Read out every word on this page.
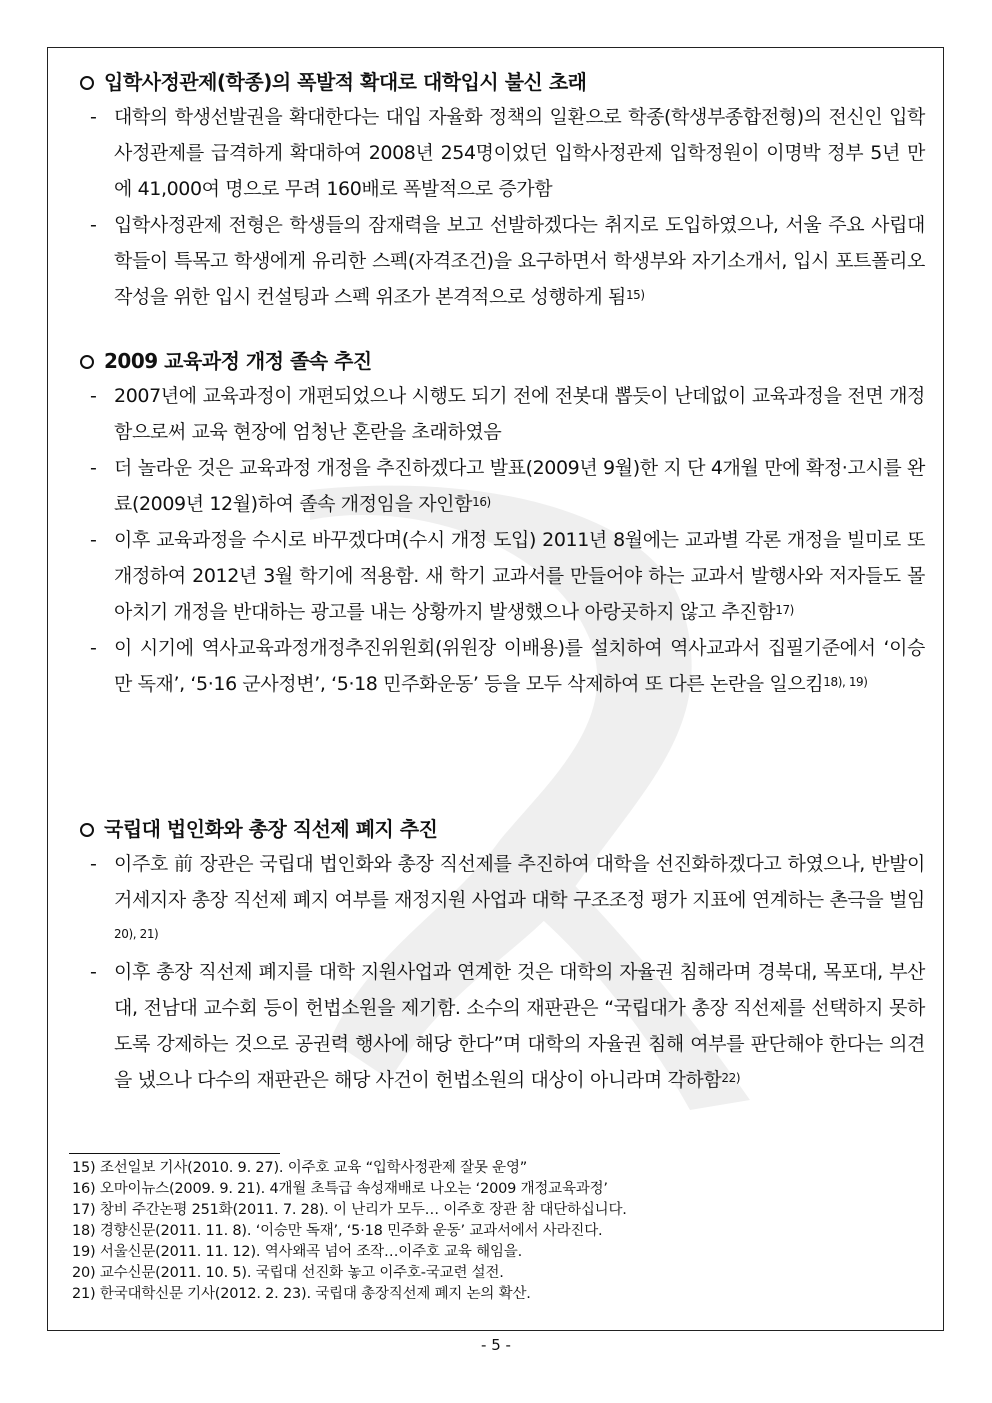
입학사정관제(학종)의 폭발적 확대로 대학입시 불신 초래
- 대학의 학생선발권을 확대한다는 대입 자율화 정책의 일환으로 학종(학생부종합전형)의 전신인 입학사정관제를 급격하게 확대하여 2008년 254명이었던 입학사정관제 입학정원이 이명박 정부 5년 만에 41,000여 명으로 무려 160배로 폭발적으로 증가함
- 입학사정관제 전형은 학생들의 잠재력을 보고 선발하겠다는 취지로 도입하였으나, 서울 주요 사립대학들이 특목고 학생에게 유리한 스펙(자격조건)을 요구하면서 학생부와 자기소개서, 입시 포트폴리오 작성을 위한 입시 컨설팅과 스펙 위조가 본격적으로 성행하게 됨$^{15)}$
2009 교육과정 개정 졸속 추진
- 2007년에 교육과정이 개편되었으나 시행도 되기 전에 전봇대 뽑듯이 난데없이 교육과정을 전면 개정함으로써 교육 현장에 엄청난 혼란을 초래하였음
- 더 놀라운 것은 교육과정 개정을 추진하겠다고 발표(2009년 9월)한 지 단 4개월 만에 확정·고시를 완료(2009년 12월)하여 졸속 개정임을 자인함$^{16)}$
- 이후 교육과정을 수시로 바꾸겠다며(수시 개정 도입) 2011년 8월에는 교과별 각론 개정을 빌미로 또 개정하여 2012년 3월 학기에 적용함. 새 학기 교과서를 만들어야 하는 교과서 발행사와 저자들도 몰아치기 개정을 반대하는 광고를 내는 상황까지 발생했으나 아랑곳하지 않고 추진함$^{17)}$
- 이 시기에 역사교육과정개정추진위원회(위원장 이배용)를 설치하여 역사교과서 집필기준에서 ‘이승만 독재’, ‘5·16 군사정변’, ‘5·18 민주화운동’ 등을 모두 삭제하여 또 다른 논란을 일으킴$^{18), 19)}$
국립대 법인화와 총장 직선제 폐지 추진
- 이주호 前 장관은 국립대 법인화와 총장 직선제를 추진하여 대학을 선진화하겠다고 하였으나, 반발이 거세지자 총장 직선제 폐지 여부를 재정지원 사업과 대학 구조조정 평가 지표에 연계하는 촌극을 벌임$^{20), 21)}$
- 이후 총장 직선제 폐지를 대학 지원사업과 연계한 것은 대학의 자율권 침해라며 경북대, 목포대, 부산대, 전남대 교수회 등이 헌법소원을 제기함. 소수의 재판관은 “국립대가 총장 직선제를 선택하지 못하도록 강제하는 것으로 공권력 행사에 해당 한다”며 대학의 자율권 침해 여부를 판단해야 한다는 의견을 냈으나 다수의 재판관은 해당 사건이 헌법소원의 대상이 아니라며 각하함$^{22)}$
15) 조선일보 기사(2010. 9. 27). 이주호 교육 “입학사정관제 잘못 운영”
16) 오마이뉴스(2009. 9. 21). 4개월 초특급 속성재배로 나오는 ‘2009 개정교육과정’
17) 창비 주간논평 251화(2011. 7. 28). 이 난리가 모두… 이주호 장관 참 대단하십니다.
18) 경향신문(2011. 11. 8). ‘이승만 독재’, ‘5·18 민주화 운동’ 교과서에서 사라진다.
19) 서울신문(2011. 11. 12). 역사왜곡 넘어 조작…이주호 교육 해임을.
20) 교수신문(2011. 10. 5). 국립대 선진화 놓고 이주호-국교련 설전.
21) 한국대학신문 기사(2012. 2. 23). 국립대 총장직선제 폐지 논의 확산.
- 5 -
